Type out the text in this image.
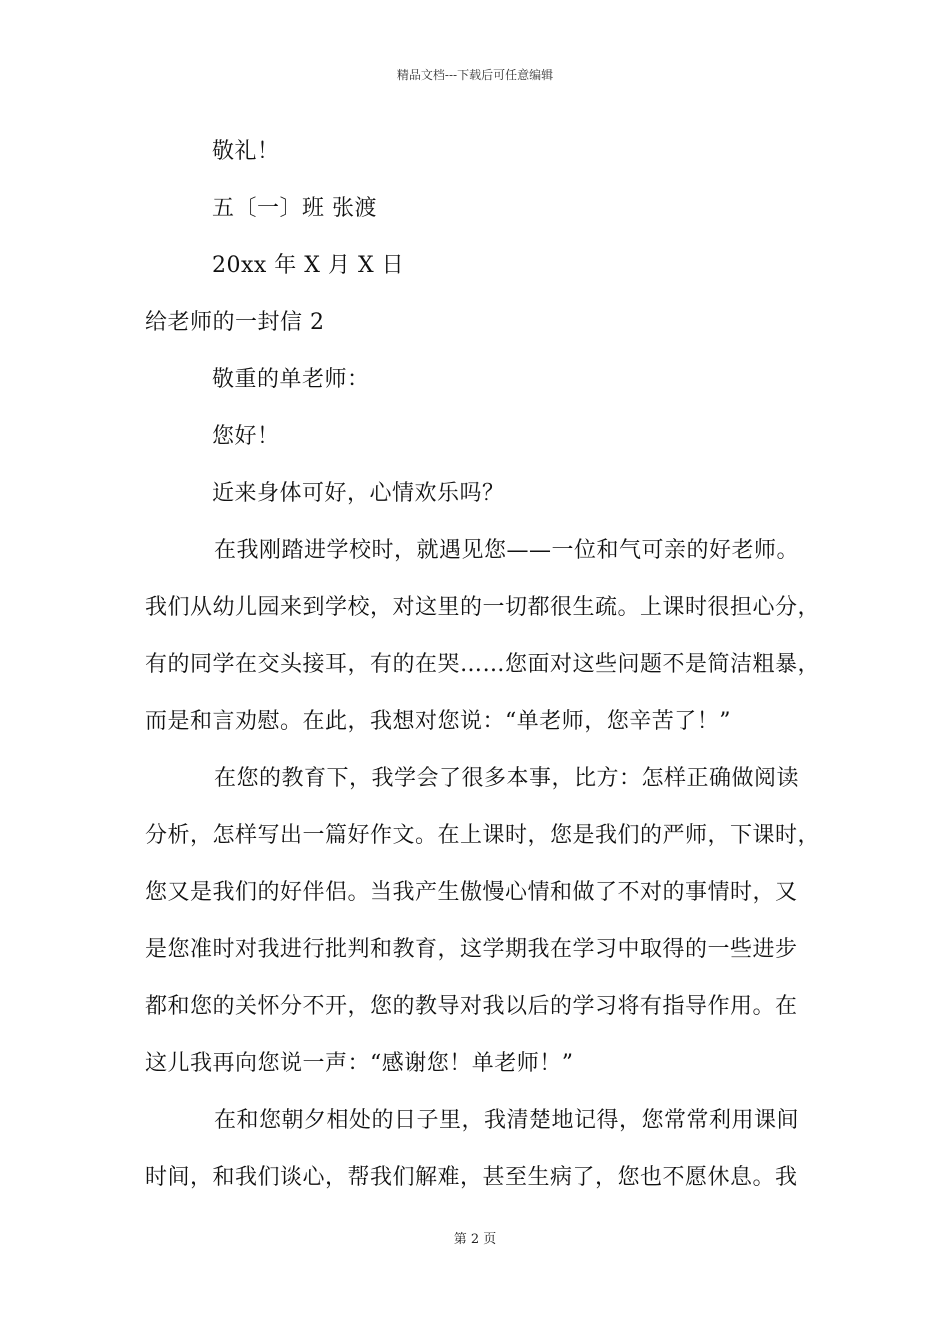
精品文档---下载后可任意编辑
敬礼！
五〔一〕班 张渡
20xx 年 X 月 X 日
给老师的一封信 2
敬重的单老师：
您好！
近来身体可好，心情欢乐吗？
在我刚踏进学校时，就遇见您——一位和气可亲的好老师。
我们从幼儿园来到学校，对这里的一切都很生疏。上课时很担心分，
有的同学在交头接耳，有的在哭……您面对这些问题不是简洁粗暴，
而是和言劝慰。在此，我想对您说：“单老师，您辛苦了！”
在您的教育下，我学会了很多本事，比方：怎样正确做阅读
分析，怎样写出一篇好作文。在上课时，您是我们的严师，下课时，
您又是我们的好伴侣。当我产生傲慢心情和做了不对的事情时，又
是您准时对我进行批判和教育，这学期我在学习中取得的一些进步
都和您的关怀分不开，您的教导对我以后的学习将有指导作用。在
这儿我再向您说一声：“感谢您！单老师！”
在和您朝夕相处的日子里，我清楚地记得，您常常利用课间
时间，和我们谈心，帮我们解难，甚至生病了，您也不愿休息。我
第 2 页
